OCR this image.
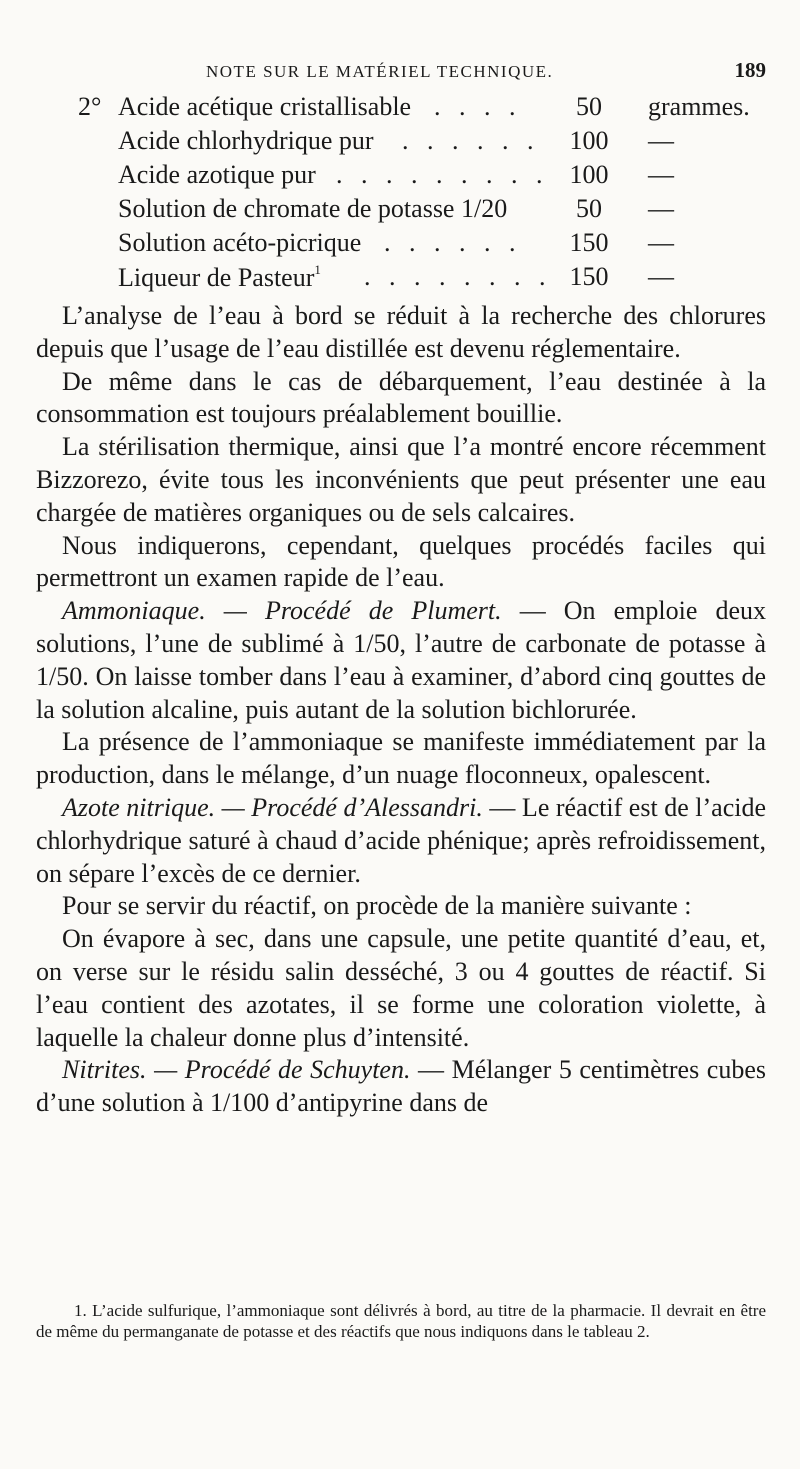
NOTE SUR LE MATÉRIEL TECHNIQUE.	189
2° Acide acétique cristallisable . . . .	50	grammes.
Acide chlorhydrique pur . . . . . .	100	—
Acide azotique pur . . . . . . . . . 100	—
Solution de chromate de potasse 1/20	50	—
Solution acéto-picrique . . . . . .	150	—
Liqueur de Pasteur$^1$ . . . . . . . . 150	—

L’analyse de l’eau à bord se réduit à la recherche des chlorures depuis que l’usage de l’eau distillée est devenu réglementaire.

De même dans le cas de débarquement, l’eau destinée à la consommation est toujours préalablement bouillie.

La stérilisation thermique, ainsi que l’a montré encore récemment Bizzorezo, évite tous les inconvénients que peut présenter une eau chargée de matières organiques ou de sels calcaires.

Nous indiquerons, cependant, quelques procédés faciles qui permettront un examen rapide de l’eau.

Ammoniaque. — Procédé de Plumert. — On emploie deux solutions, l’une de sublimé à 1/50, l’autre de carbonate de potasse à 1/50. On laisse tomber dans l’eau à examiner, d’abord cinq gouttes de la solution alcaline, puis autant de la solution bichlorurée.

La présence de l’ammoniaque se manifeste immédiatement par la production, dans le mélange, d’un nuage floconneux, opalescent.

Azote nitrique. — Procédé d’Alessandri. — Le réactif est de l’acide chlorhydrique saturé à chaud d’acide phénique; après refroidissement, on sépare l’excès de ce dernier.

Pour se servir du réactif, on procède de la manière suivante :

On évapore à sec, dans une capsule, une petite quantité d’eau, et, on verse sur le résidu salin desséché, 3 ou 4 gouttes de réactif. Si l’eau contient des azotates, il se forme une coloration violette, à laquelle la chaleur donne plus d’intensité.

Nitrites. — Procédé de Schuyten. — Mélanger 5 centimètres cubes d’une solution à 1/100 d’antipyrine dans de

1. L’acide sulfurique, l’ammoniaque sont délivrés à bord, au titre de la pharmacie. Il devrait en être de même du permanganate de potasse et des réactifs que nous indiquons dans le tableau 2.
